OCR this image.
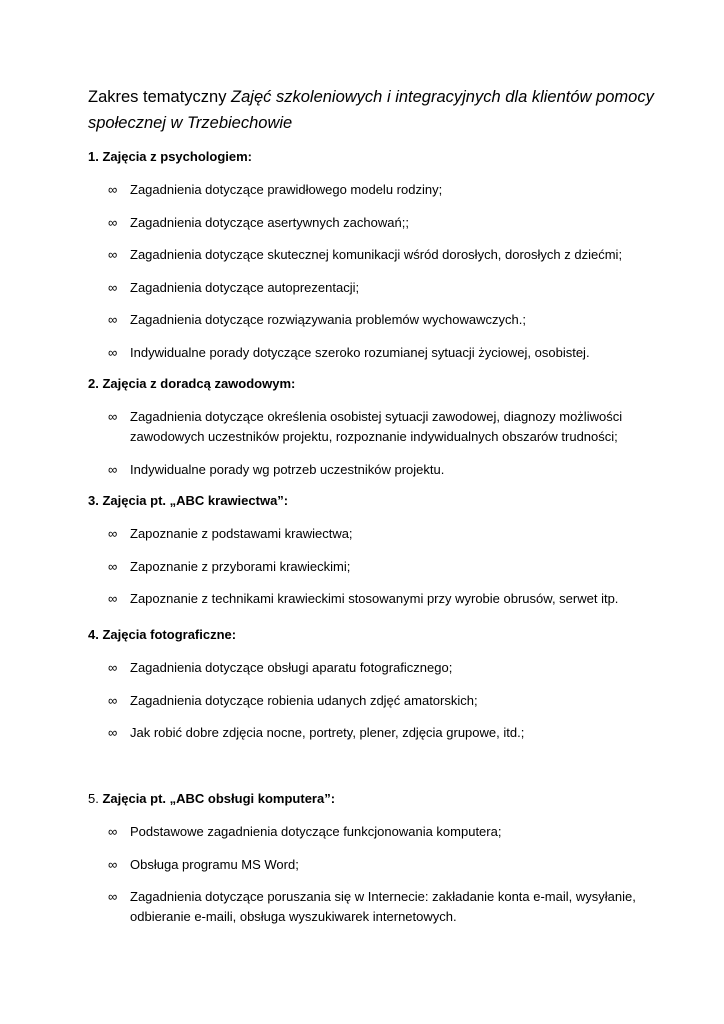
Zakres tematyczny Zajęć szkoleniowych i integracyjnych dla klientów pomocy społecznej w Trzebiechowie

1. Zajęcia z psychologiem:

∞ Zagadnienia dotyczące prawidłowego modelu rodziny;
∞ Zagadnienia dotyczące asertywnych zachowań;;
∞ Zagadnienia dotyczące skutecznej komunikacji wśród dorosłych, dorosłych z dziećmi;
∞ Zagadnienia dotyczące autoprezentacji;
∞ Zagadnienia dotyczące rozwiązywania problemów wychowawczych.;
∞ Indywidualne porady dotyczące szeroko rozumianej sytuacji życiowej, osobistej.

2. Zajęcia z doradcą zawodowym:

∞ Zagadnienia dotyczące określenia osobistej sytuacji zawodowej, diagnozy możliwości zawodowych uczestników projektu, rozpoznanie indywidualnych obszarów trudności;
∞ Indywidualne porady wg potrzeb uczestników projektu.

3. Zajęcia pt. „ABC krawiectwa”:

∞ Zapoznanie z podstawami krawiectwa;
∞ Zapoznanie z przyborami krawieckimi;
∞ Zapoznanie z technikami krawieckimi stosowanymi przy wyrobie obrusów, serwet itp.

4. Zajęcia fotograficzne:

∞ Zagadnienia dotyczące obsługi aparatu fotograficznego;
∞ Zagadnienia dotyczące robienia udanych zdjęć amatorskich;
∞ Jak robić dobre zdjęcia nocne, portrety, plener, zdjęcia grupowe, itd.;

5. Zajęcia pt. „ABC obsługi komputera”:

∞ Podstawowe zagadnienia dotyczące funkcjonowania komputera;
∞ Obsługa programu MS Word;
∞ Zagadnienia dotyczące poruszania się w Internecie: zakładanie konta e-mail, wysyłanie, odbieranie e-maili, obsługa wyszukiwarek internetowych.
